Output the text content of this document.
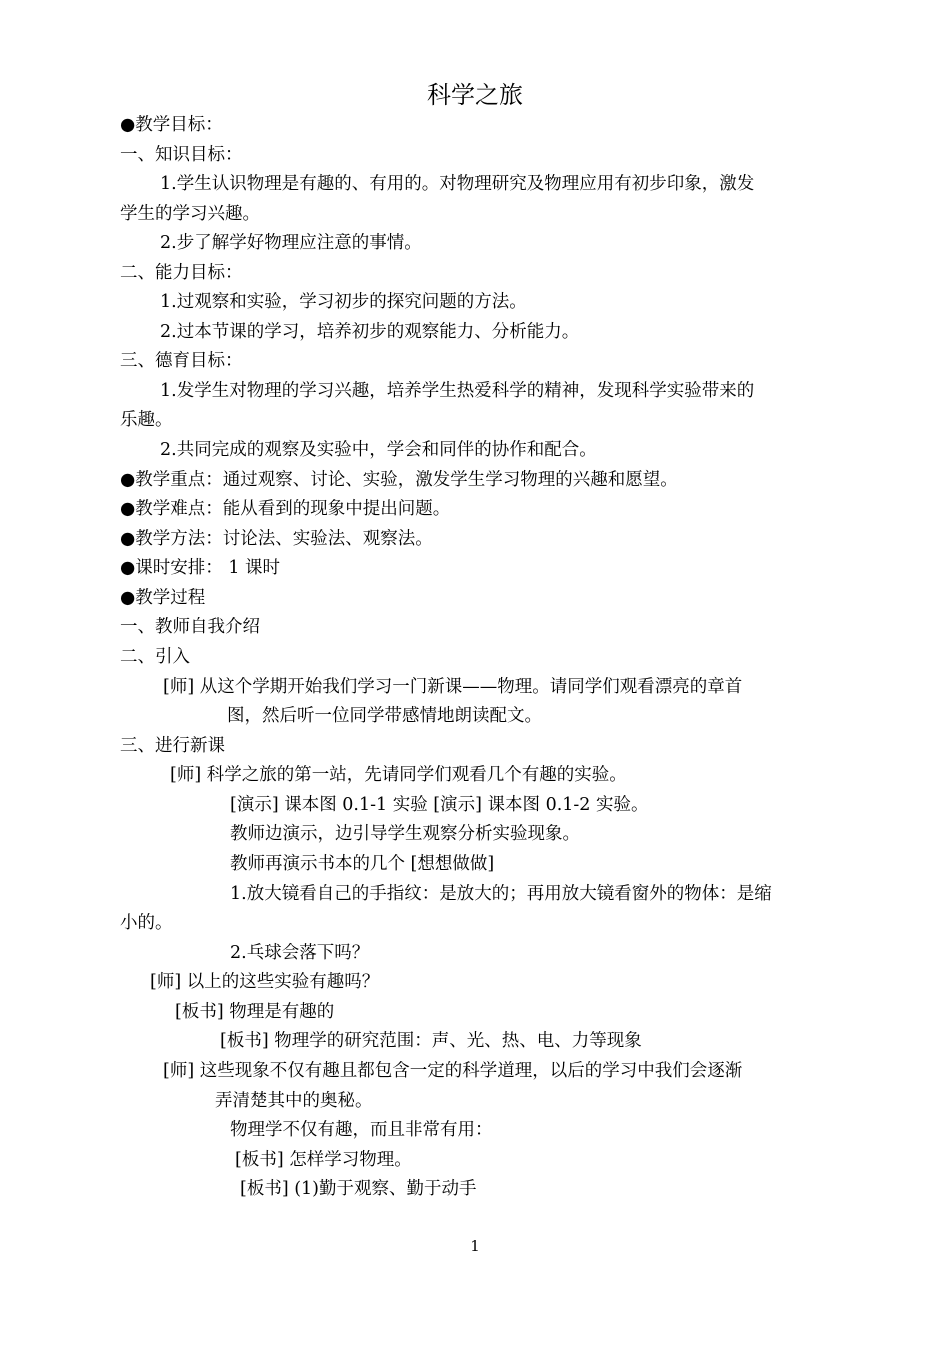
科学之旅
●教学目标：
一、知识目标：
1.学生认识物理是有趣的、有用的。对物理研究及物理应用有初步印象，激发
学生的学习兴趣。
2.步了解学好物理应注意的事情。
二、能力目标：
1.过观察和实验，学习初步的探究问题的方法。
2.过本节课的学习，培养初步的观察能力、分析能力。
三、德育目标：
1.发学生对物理的学习兴趣，培养学生热爱科学的精神，发现科学实验带来的
乐趣。
2.共同完成的观察及实验中，学会和同伴的协作和配合。
●教学重点：通过观察、讨论、实验，激发学生学习物理的兴趣和愿望。
●教学难点：能从看到的现象中提出问题。
●教学方法：讨论法、实验法、观察法。
●课时安排： 1 课时
●教学过程
一、教师自我介绍
二、引入
[师] 从这个学期开始我们学习一门新课——物理。请同学们观看漂亮的章首
图，然后听一位同学带感情地朗读配文。
三、进行新课
[师] 科学之旅的第一站，先请同学们观看几个有趣的实验。
[演示] 课本图 0.1-1 实验 [演示] 课本图 0.1-2 实验。
教师边演示，边引导学生观察分析实验现象。
教师再演示书本的几个 [想想做做]
1.放大镜看自己的手指纹：是放大的；再用放大镜看窗外的物体：是缩
小的。
2.乓球会落下吗？
[师] 以上的这些实验有趣吗？
[板书] 物理是有趣的
[板书] 物理学的研究范围：声、光、热、电、力等现象
[师] 这些现象不仅有趣且都包含一定的科学道理，以后的学习中我们会逐渐
弄清楚其中的奥秘。
物理学不仅有趣，而且非常有用：
[板书] 怎样学习物理。
[板书] (1)勤于观察、勤于动手
1
